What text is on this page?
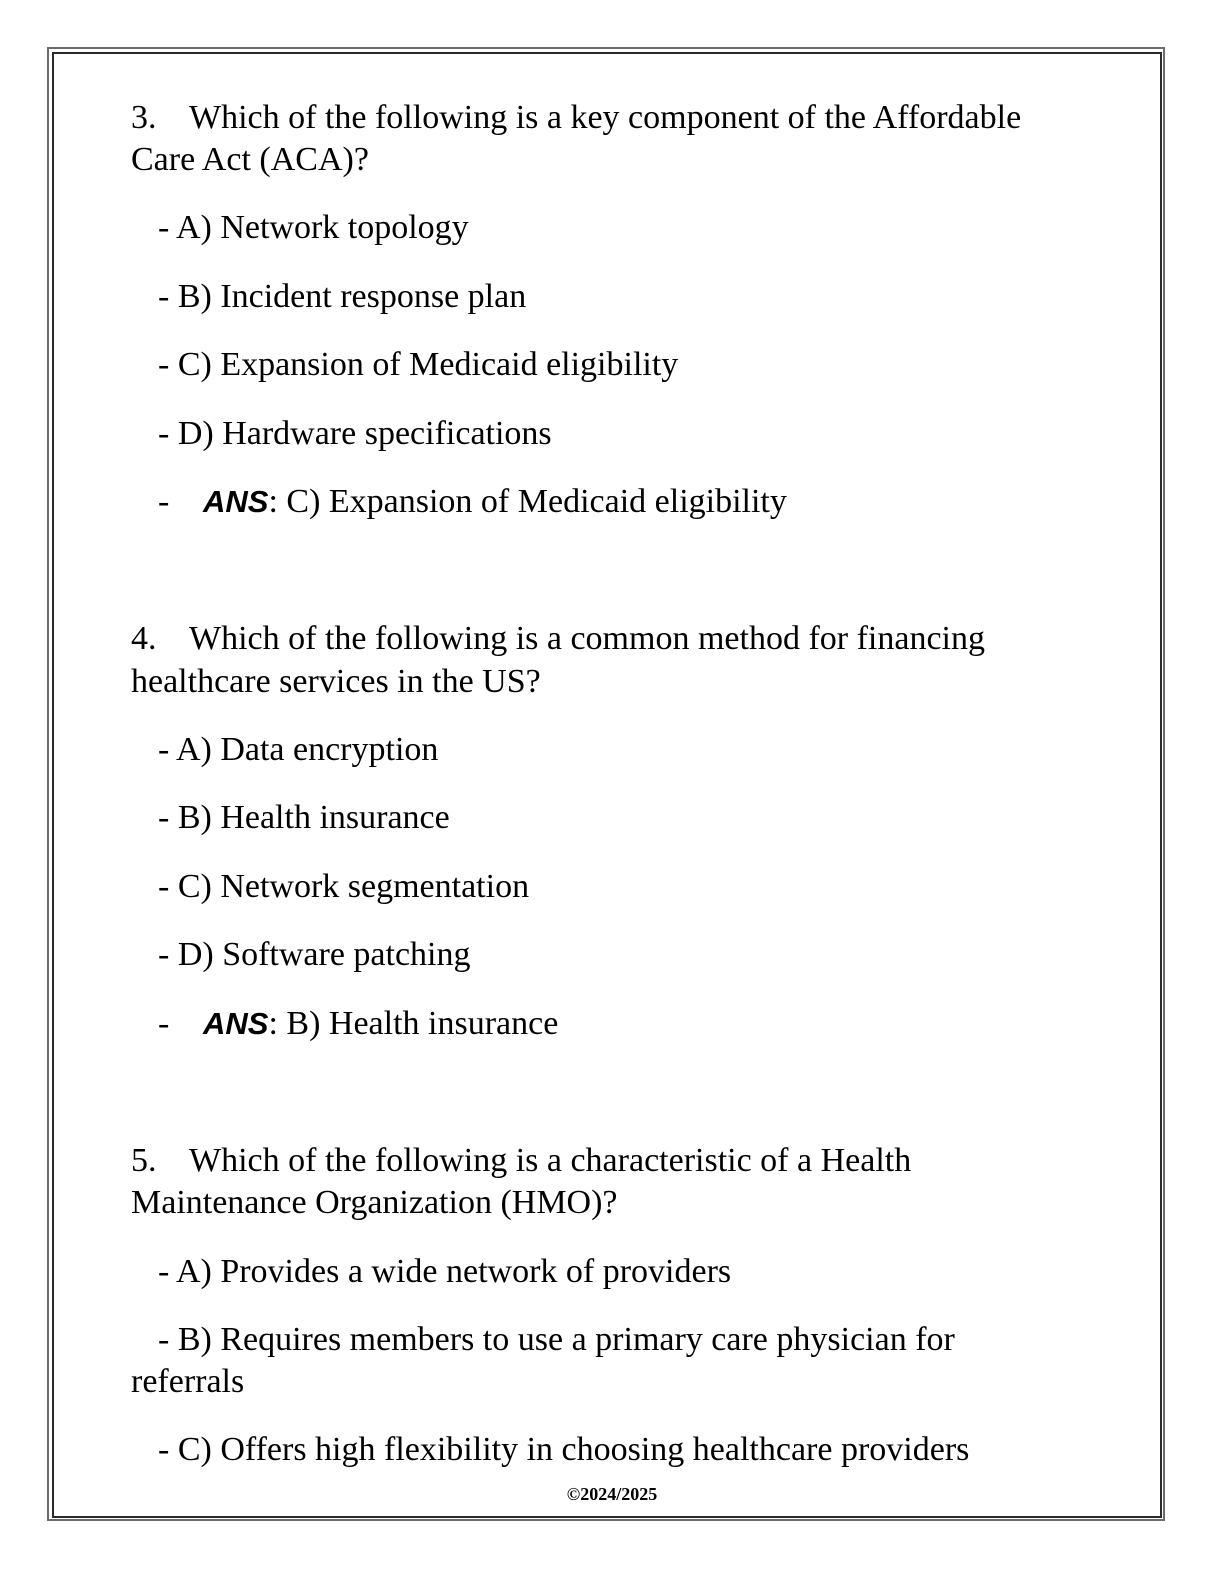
3. Which of the following is a key component of the Affordable
Care Act (ACA)?
- A) Network topology
- B) Incident response plan
- C) Expansion of Medicaid eligibility
- D) Hardware specifications
- ANS: C) Expansion of Medicaid eligibility
4. Which of the following is a common method for financing
healthcare services in the US?
- A) Data encryption
- B) Health insurance
- C) Network segmentation
- D) Software patching
- ANS: B) Health insurance
5. Which of the following is a characteristic of a Health
Maintenance Organization (HMO)?
- A) Provides a wide network of providers
- B) Requires members to use a primary care physician for
referrals
- C) Offers high flexibility in choosing healthcare providers
©2024/2025
